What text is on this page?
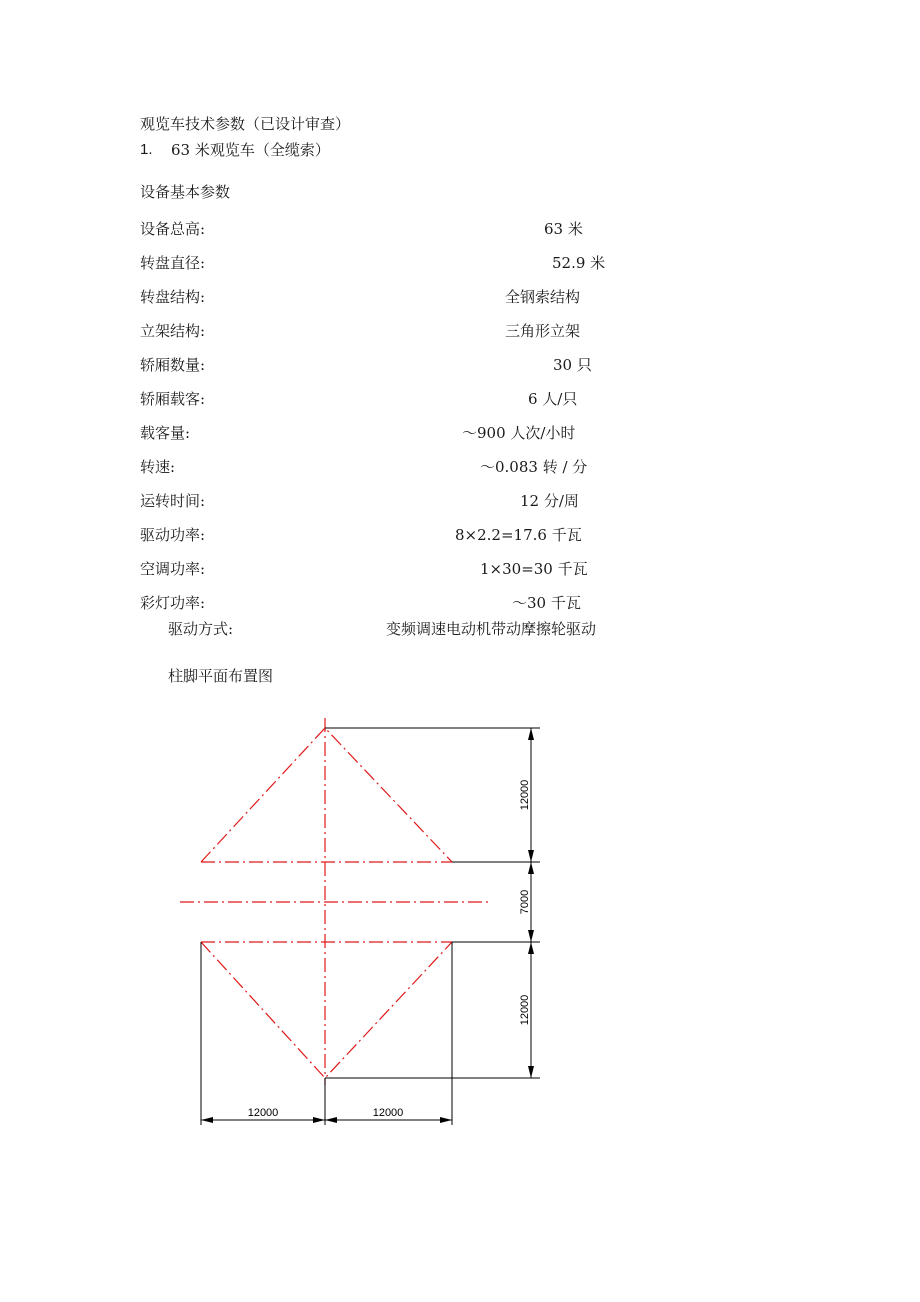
观览车技术参数（已设计审查）
1. 63 米观览车（全缆索）
设备基本参数
设备总高:	63 米
转盘直径:	52.9 米
转盘结构:	全钢索结构
立架结构:	三角形立架
轿厢数量:	30 只
轿厢载客:	6 人/只
载客量:	～900 人次/小时
转速:	～0.083 转 / 分
运转时间:	12 分/周
驱动功率:	8×2.2=17.6 千瓦
空调功率:	1×30=30 千瓦
彩灯功率:	～30 千瓦
驱动方式:	变频调速电动机带动摩擦轮驱动
柱脚平面布置图
12000
7000
12000
12000	12000
